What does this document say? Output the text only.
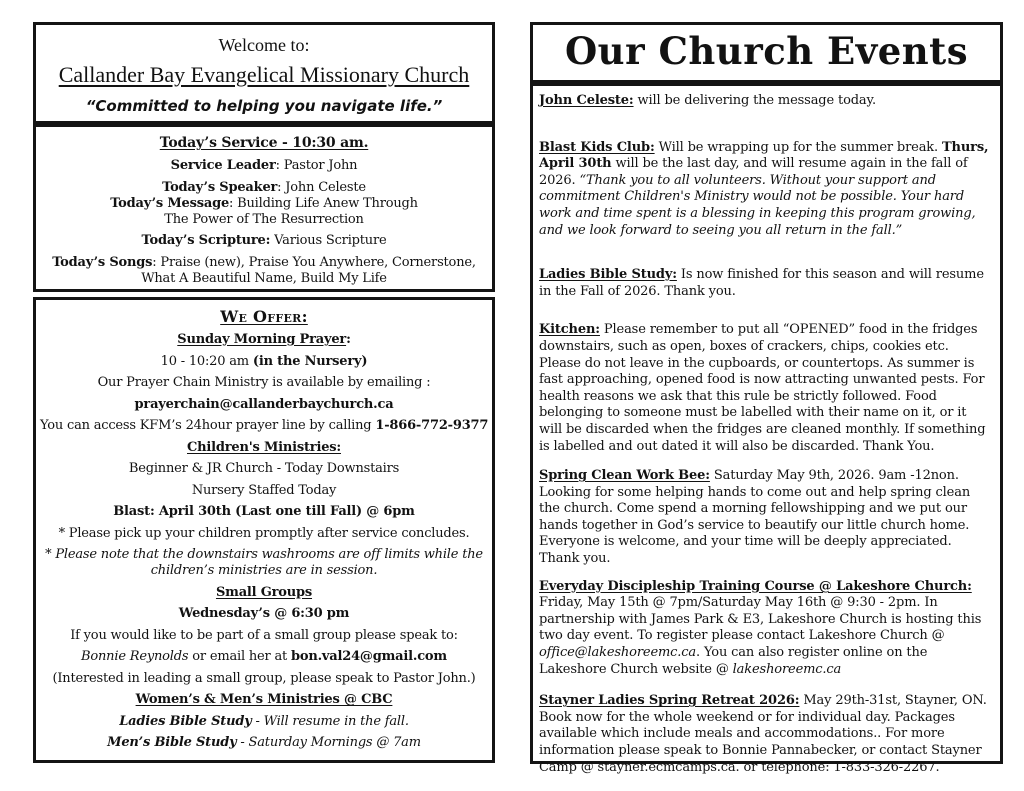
Welcome to:
Callander Bay Evangelical Missionary Church
“Committed to helping you navigate life.”
Today’s Service - 10:30 am.
Service Leader: Pastor John
Today’s Speaker: John Celeste
Today’s Message: Building Life Anew Through
The Power of The Resurrection
Today’s Scripture: Various Scripture
Today’s Songs: Praise (new), Praise You Anywhere, Cornerstone,
What A Beautiful Name, Build My Life
We Offer:
Sunday Morning Prayer:
10 - 10:20 am (in the Nursery)
Our Prayer Chain Ministry is available by emailing :
prayerchain@callanderbaychurch.ca
You can access KFM’s 24hour prayer line by calling 1-866-772-9377
Children's Ministries:
Beginner & JR Church - Today Downstairs
Nursery Staffed Today
Blast: April 30th (Last one till Fall) @ 6pm
* Please pick up your children promptly after service concludes.
* Please note that the downstairs washrooms are off limits while the
children’s ministries are in session.
Small Groups
Wednesday’s @ 6:30 pm
If you would like to be part of a small group please speak to:
Bonnie Reynolds or email her at bon.val24@gmail.com
(Interested in leading a small group, please speak to Pastor John.)
Women’s & Men’s Ministries @ CBC
Ladies Bible Study - Will resume in the fall.
Men’s Bible Study - Saturday Mornings @ 7am
Our Church Events

John Celeste: will be delivering the message today.

Blast Kids Club: Will be wrapping up for the summer break. Thurs, April 30th will be the last day, and will resume again in the fall of 2026. “Thank you to all volunteers. Without your support and commitment Children's Ministry would not be possible. Your hard work and time spent is a blessing in keeping this program growing, and we look forward to seeing you all return in the fall.”

Ladies Bible Study: Is now finished for this season and will resume in the Fall of 2026. Thank you.

Kitchen: Please remember to put all “OPENED” food in the fridges downstairs, such as open, boxes of crackers, chips, cookies etc. Please do not leave in the cupboards, or countertops. As summer is fast approaching, opened food is now attracting unwanted pests. For health reasons we ask that this rule be strictly followed. Food belonging to someone must be labelled with their name on it, or it will be discarded when the fridges are cleaned monthly. If something is labelled and out dated it will also be discarded. Thank You.

Spring Clean Work Bee: Saturday May 9th, 2026. 9am -12non. Looking for some helping hands to come out and help spring clean the church. Come spend a morning fellowshipping and we put our hands together in God’s service to beautify our little church home. Everyone is welcome, and your time will be deeply appreciated. Thank you.

Everyday Discipleship Training Course @ Lakeshore Church: Friday, May 15th @ 7pm/Saturday May 16th @ 9:30 - 2pm. In partnership with James Park & E3, Lakeshore Church is hosting this two day event. To register please contact Lakeshore Church @ office@lakeshoreemc.ca. You can also register online on the Lakeshore Church website @ lakeshoreemc.ca

Stayner Ladies Spring Retreat 2026: May 29th-31st, Stayner, ON. Book now for the whole weekend or for individual day. Packages available which include meals and accommodations.. For more information please speak to Bonnie Pannabecker, or contact Stayner Camp @ stayner.ecmcamps.ca. or telephone: 1-833-326-2267.
